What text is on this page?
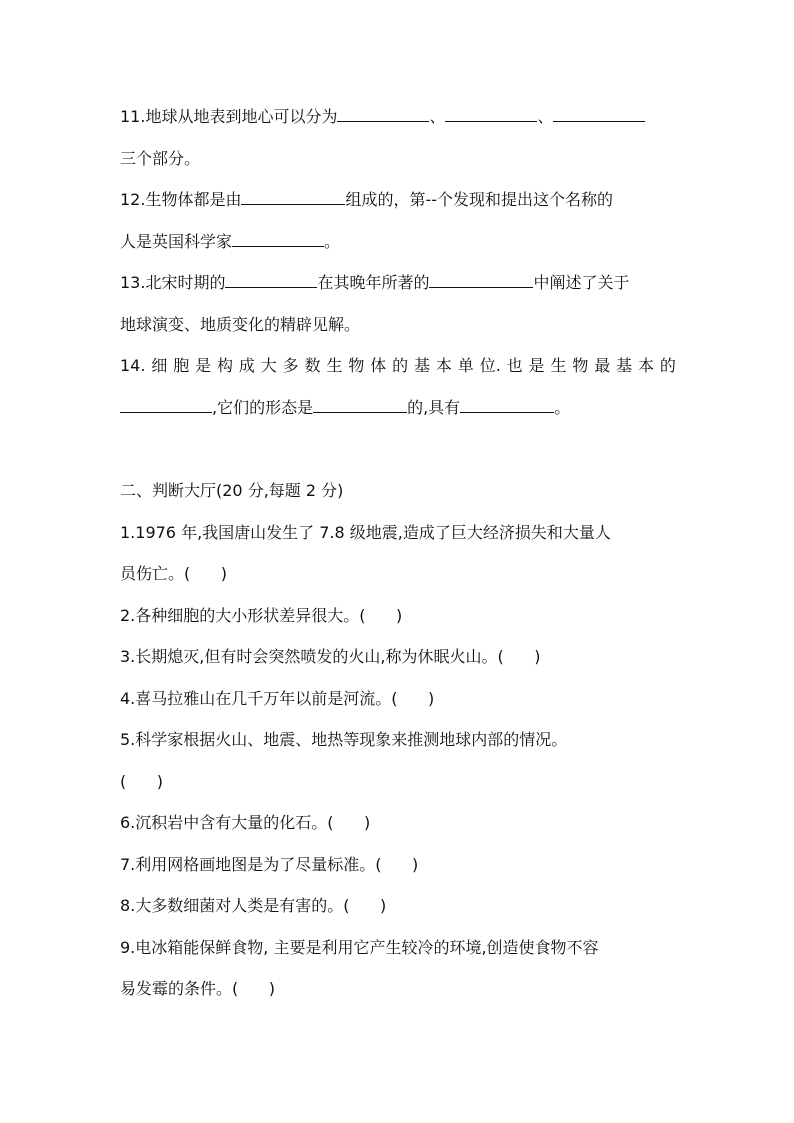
11.地球从地表到地心可以分为	、	、
三个部分。
12.生物体都是由	组成的，第--个发现和提出这个名称的
人是英国科学家	。
13.北宋时期的	在其晚年所著的	中阐述了关于
地球演变、地质变化的精辟见解。
14. 细 胞 是 构 成 大 多 数 生 物 体 的 基 本 单 位. 也 是 生 物 最 基 本 的
,它们的形态是	的,具有	。
二、判断大厅(20 分,每题 2 分)
1.1976 年,我国唐山发生了 7.8 级地震,造成了巨大经济损失和大量人
员伤亡。(      )
2.各种细胞的大小形状差异很大。(      )
3.长期熄灭,但有时会突然喷发的火山,称为休眠火山。(      )
4.喜马拉雅山在几千万年以前是河流。(      )
5.科学家根据火山、地震、地热等现象来推测地球内部的情况。
(      )
6.沉积岩中含有大量的化石。(      )
7.利用网格画地图是为了尽量标准。(      )
8.大多数细菌对人类是有害的。(      )
9.电冰箱能保鲜食物, 主要是利用它产生较冷的环境,创造使食物不容
易发霉的条件。(      )
